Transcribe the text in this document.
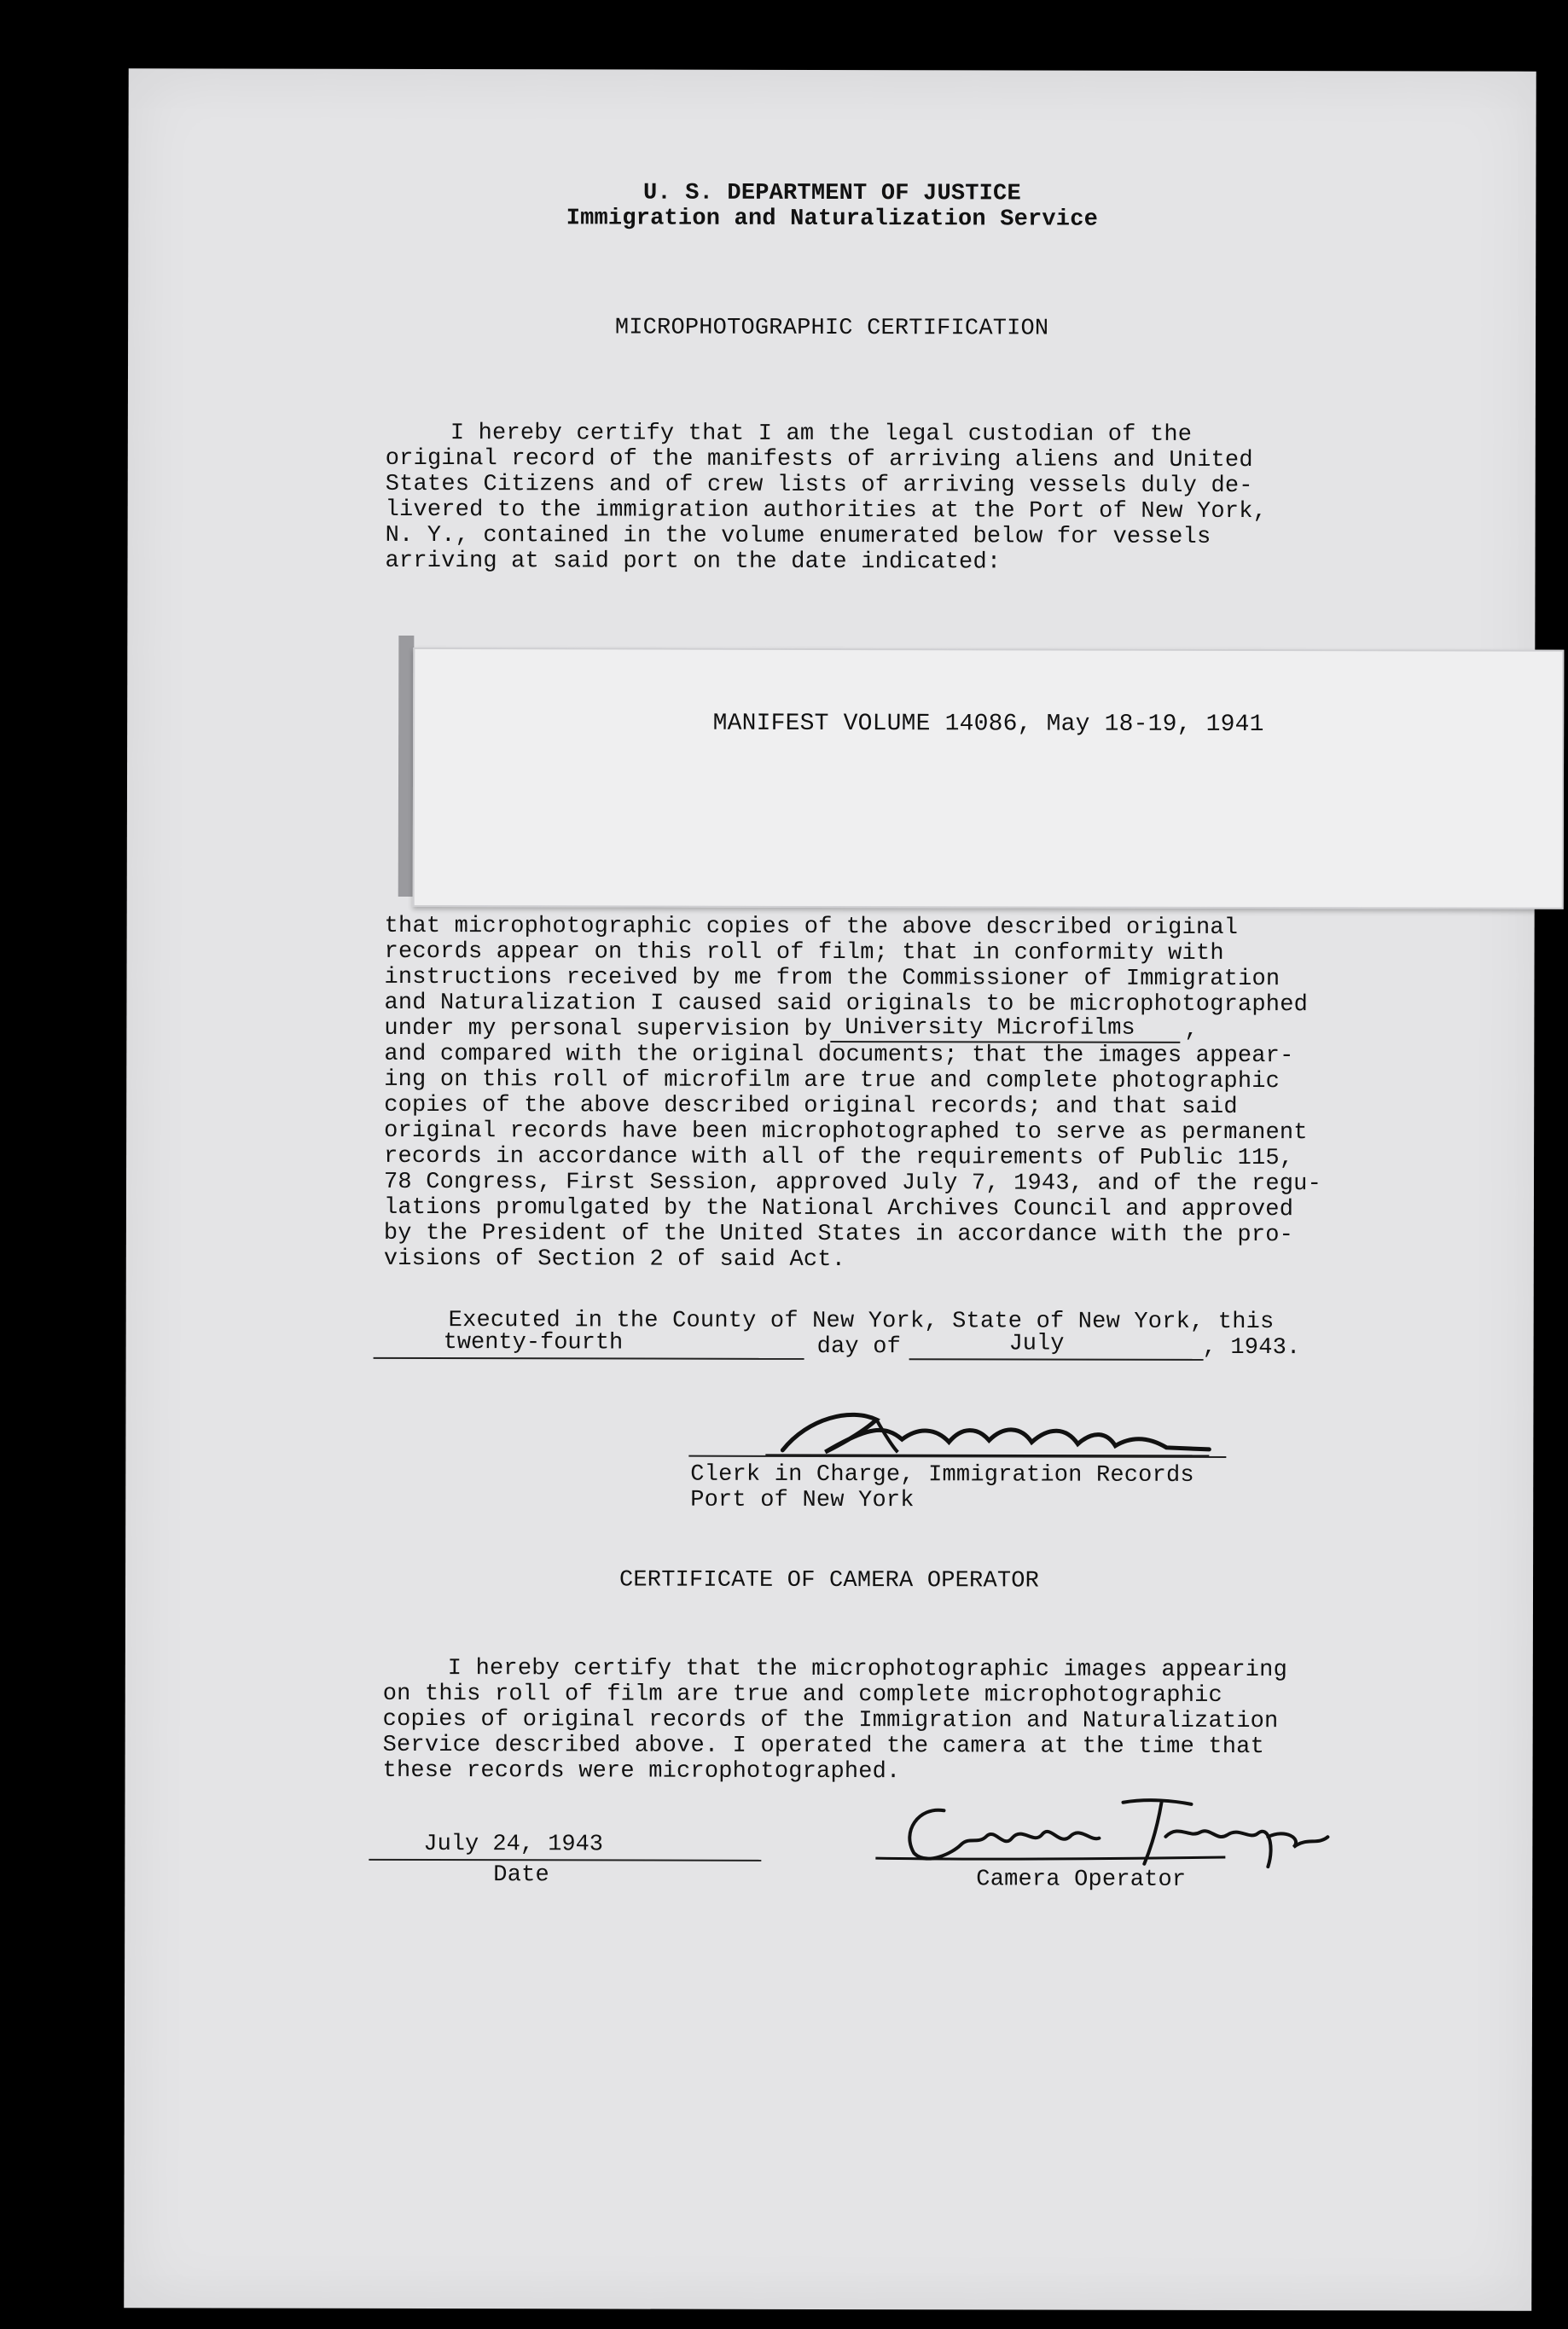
U. S. DEPARTMENT OF JUSTICE
Immigration and Naturalization Service
MICROPHOTOGRAPHIC CERTIFICATION
I hereby certify that I am the legal custodian of the
original record of the manifests of arriving aliens and United
States Citizens and of crew lists of arriving vessels duly de-
livered to the immigration authorities at the Port of New York,
N. Y., contained in the volume enumerated below for vessels
arriving at said port on the date indicated:
MANIFEST VOLUME 14086, May 18-19, 1941
that microphotographic copies of the above described original
records appear on this roll of film; that in conformity with
instructions received by me from the Commissioner of Immigration
and Naturalization I caused said originals to be microphotographed
under my personal supervision by University Microfilms ,
and compared with the original documents; that the images appear-
ing on this roll of microfilm are true and complete photographic
copies of the above described original records; and that said
original records have been microphotographed to serve as permanent
records in accordance with all of the requirements of Public 115,
78 Congress, First Session, approved July 7, 1943, and of the regu-
lations promulgated by the National Archives Council and approved
by the President of the United States in accordance with the pro-
visions of Section 2 of said Act.
Executed in the County of New York, State of New York, this
twenty-fourth	day of	July	, 1943.
Clerk in Charge, Immigration Records
Port of New York
CERTIFICATE OF CAMERA OPERATOR
I hereby certify that the microphotographic images appearing
on this roll of film are true and complete microphotographic
copies of original records of the Immigration and Naturalization
Service described above. I operated the camera at the time that
these records were microphotographed.
July 24, 1943
Date	Camera Operator
